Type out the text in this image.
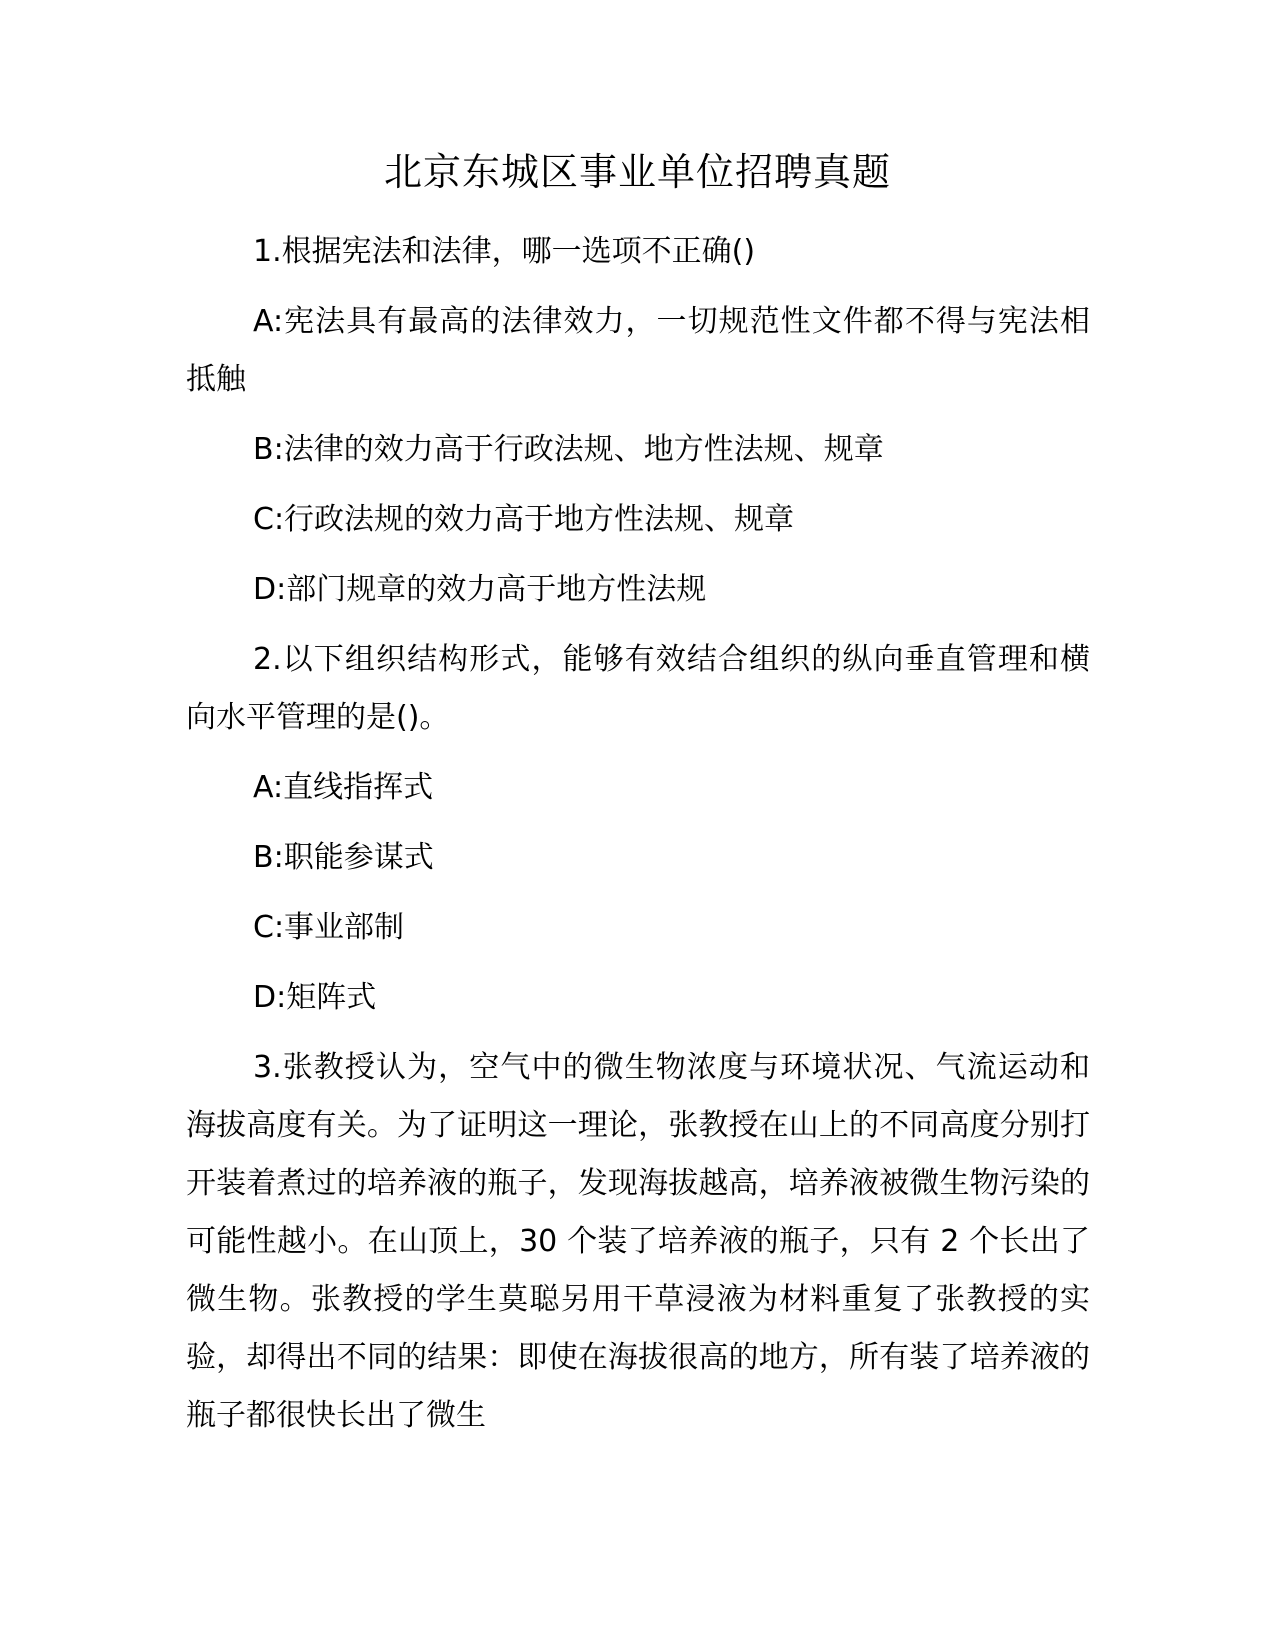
北京东城区事业单位招聘真题

1.根据宪法和法律，哪一选项不正确()

A:宪法具有最高的法律效力，一切规范性文件都不得与宪法相抵触

B:法律的效力高于行政法规、地方性法规、规章

C:行政法规的效力高于地方性法规、规章

D:部门规章的效力高于地方性法规

2.以下组织结构形式，能够有效结合组织的纵向垂直管理和横向水平管理的是()。

A:直线指挥式

B:职能参谋式

C:事业部制

D:矩阵式

3.张教授认为，空气中的微生物浓度与环境状况、气流运动和海拔高度有关。为了证明这一理论，张教授在山上的不同高度分别打开装着煮过的培养液的瓶子，发现海拔越高，培养液被微生物污染的可能性越小。在山顶上，30 个装了培养液的瓶子，只有 2 个长出了微生物。张教授的学生莫聪另用干草浸液为材料重复了张教授的实验，却得出不同的结果：即使在海拔很高的地方，所有装了培养液的瓶子都很快长出了微生
